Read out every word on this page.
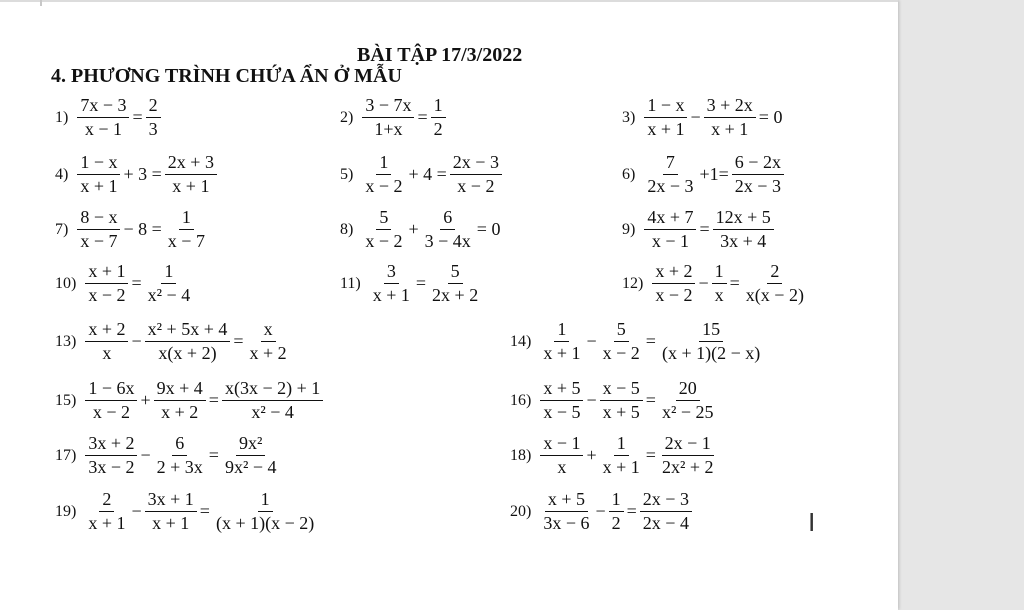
BÀI TẬP 17/3/2022
4. PHƯƠNG TRÌNH CHỨA ẨN Ở MẪU
$1) \frac{7x - 3}{x - 1} = \frac{2}{3}$	$2) \frac{3 - 7x}{1+x} = \frac{1}{2}$	$3) \frac{1 - x}{x + 1} - \frac{3 + 2x}{x + 1} = 0$
$4) \frac{1 - x}{x + 1} + 3 = \frac{2x + 3}{x + 1}$	$5) \frac{1}{x - 2} + 4 = \frac{2x - 3}{x - 2}$	$6) \frac{7}{2x - 3} +1= \frac{6 - 2x}{2x - 3}$
$7) \frac{8 - x}{x - 7} - 8 = \frac{1}{x - 7}$	$8) \frac{5}{x - 2} + \frac{6}{3 - 4x} = 0$	$9) \frac{4x + 7}{x - 1} = \frac{12x + 5}{3x + 4}$
$10) \frac{x + 1}{x - 2} = \frac{1}{\text{x² − 4}}$	$11) \frac{3}{x + 1} = \frac{5}{2x + 2}$	$12) \frac{x + 2}{x - 2} - \frac{1}{x} = \frac{2}{x(x - 2)}$
$13) \frac{x + 2}{x} - \frac{\text{x² + 5x + 4}}{x(x + 2)} = \frac{x}{x + 2}$	$14) \frac{1}{x + 1} - \frac{5}{x - 2} = \frac{15}{(x + 1)(2 - x)}$
$15) \frac{1 - 6x}{x - 2} + \frac{9x + 4}{x + 2} = \frac{x(3x - 2) + 1}{\text{x² − 4}}$	$16) \frac{x + 5}{x - 5} - \frac{x - 5}{x + 5} = \frac{20}{\text{x² − 25}}$
$17) \frac{3x + 2}{3x - 2} - \frac{6}{2 + 3x} = \frac{\text{9x²}}{\text{9x² − 4}}$	$18) \frac{x - 1}{x} + \frac{1}{x + 1} = \frac{2x - 1}{\text{2x² + 2}}$
$19) \frac{2}{x + 1} - \frac{3x + 1}{x + 1} = \frac{1}{(x + 1)(x - 2)}$	$20) \frac{x + 5}{3x - 6} - \frac{1}{2} = \frac{2x - 3}{2x - 4}$	I
